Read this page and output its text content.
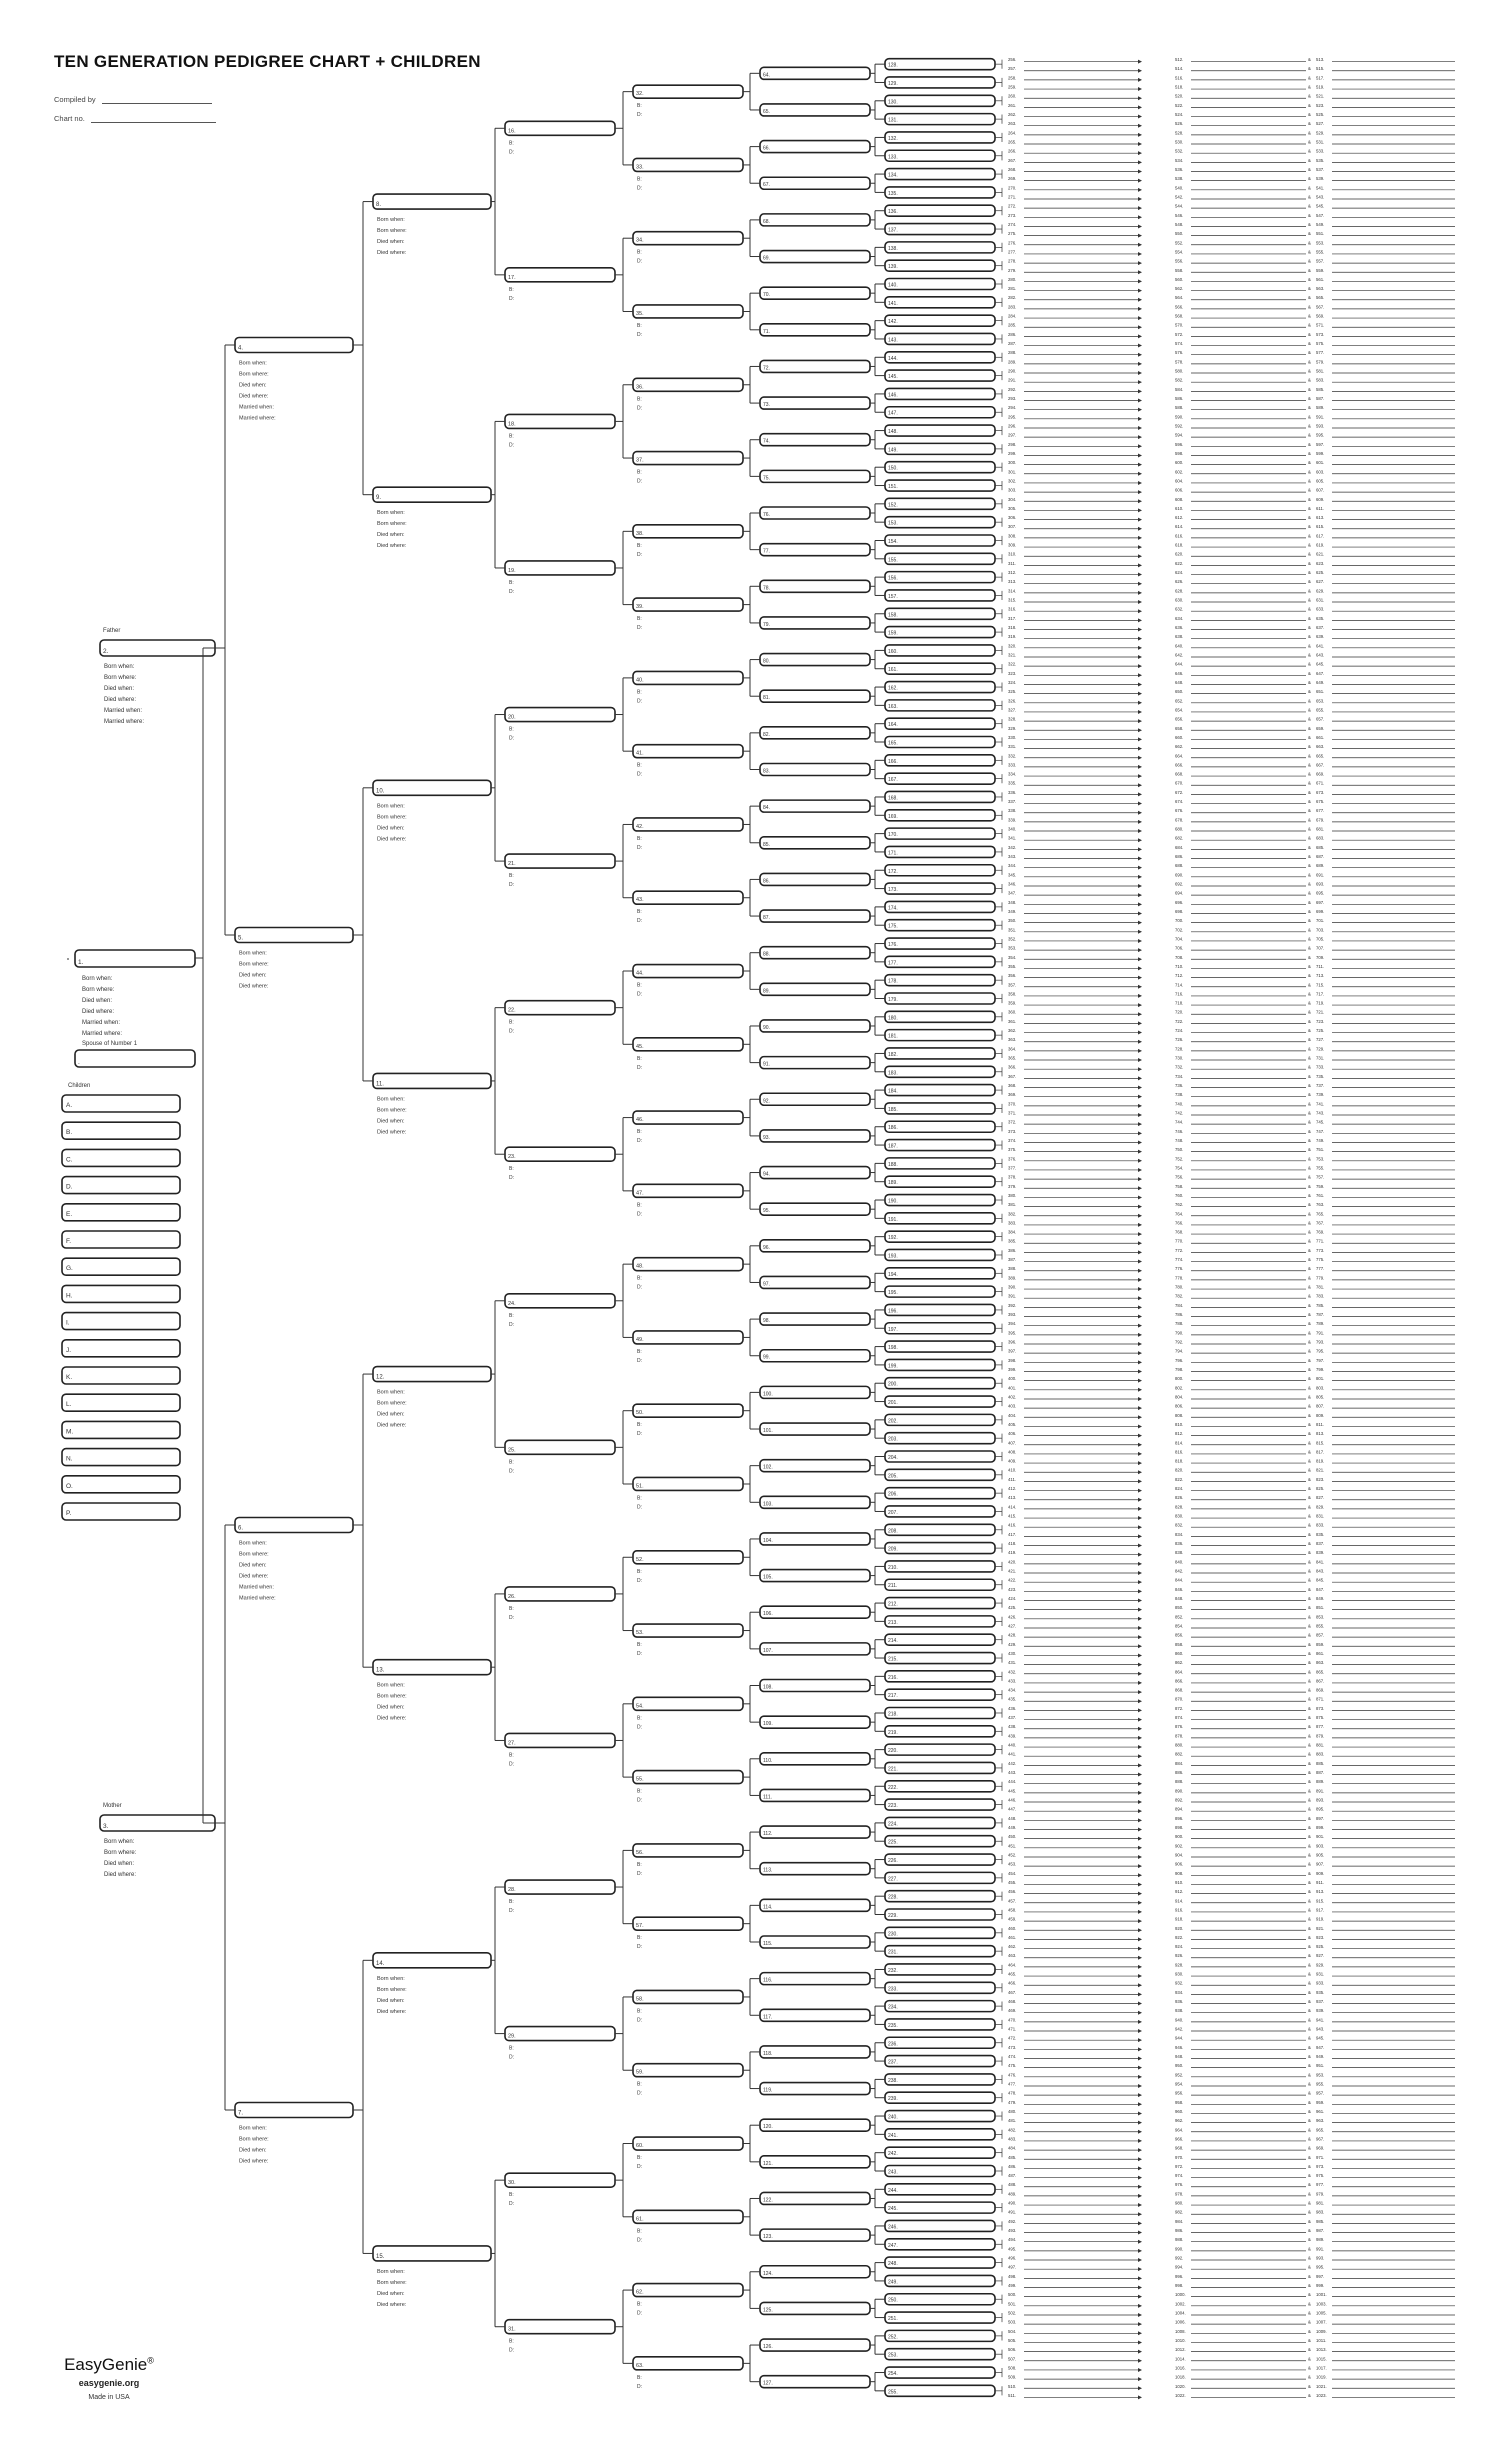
TEN GENERATION PEDIGREE CHART + CHILDREN
Compiled by
Chart no.
1.
Born when:
Born where:
Died when:
Died where:
Married when:
Married where:
Spouse of Number 1
.
Children
A.
B.
C.
D.
E.
F.
G.
H.
I.
J.
K.
L.
M.
N.
O.
P.
Father
2.
Born when:
Born where:
Died when:
Died where:
Married when:
Married where:
Mother
3.
Born when:
Born where:
Died when:
Died where:
4.
Born when:
Born where:
Died when:
Died where:
Married when:
Married where:
5.
Born when:
Born where:
Died when:
Died where:
6.
Born when:
Born where:
Died when:
Died where:
Married when:
Married where:
7.
Born when:
Born where:
Died when:
Died where:
8.
Born when:
Born where:
Died when:
Died where:
9.
Born when:
Born where:
Died when:
Died where:
10.
Born when:
Born where:
Died when:
Died where:
11.
Born when:
Born where:
Died when:
Died where:
12.
Born when:
Born where:
Died when:
Died where:
13.
Born when:
Born where:
Died when:
Died where:
14.
Born when:
Born where:
Died when:
Died where:
15.
Born when:
Born where:
Died when:
Died where:
16.
B:
D:
17.
B:
D:
18.
B:
D:
19.
B:
D:
20.
B:
D:
21.
B:
D:
22.
B:
D:
23.
B:
D:
24.
B:
D:
25.
B:
D:
26.
B:
D:
27.
B:
D:
28.
B:
D:
29.
B:
D:
30.
B:
D:
31.
B:
D:
32.
B:
D:
33.
B:
D:
34.
B:
D:
35.
B:
D:
36.
B:
D:
37.
B:
D:
38.
B:
D:
39.
B:
D:
40.
B:
D:
41.
B:
D:
42.
B:
D:
43.
B:
D:
44.
B:
D:
45.
B:
D:
46.
B:
D:
47.
B:
D:
48.
B:
D:
49.
B:
D:
50.
B:
D:
51.
B:
D:
52.
B:
D:
53.
B:
D:
54.
B:
D:
55.
B:
D:
56.
B:
D:
57.
B:
D:
58.
B:
D:
59.
B:
D:
60.
B:
D:
61.
B:
D:
62.
B:
D:
63.
B:
D:
64.
65.
66.
67.
68.
69.
70.
71.
72.
73.
74.
75.
76.
77.
78.
79.
80.
81.
82.
83.
84.
85.
86.
87.
88.
89.
90.
91.
92.
93.
94.
95.
96.
97.
98.
99.
100.
101.
102.
103.
104.
105.
106.
107.
108.
109.
110.
111.
112.
113.
114.
115.
116.
117.
118.
119.
120.
121.
122.
123.
124.
125.
126.
127.
128.
129.
130.
131.
132.
133.
134.
135.
136.
137.
138.
139.
140.
141.
142.
143.
144.
145.
146.
147.
148.
149.
150.
151.
152.
153.
154.
155.
156.
157.
158.
159.
160.
161.
162.
163.
164.
165.
166.
167.
168.
169.
170.
171.
172.
173.
174.
175.
176.
177.
178.
179.
180.
181.
182.
183.
184.
185.
186.
187.
188.
189.
190.
191.
192.
193.
194.
195.
196.
197.
198.
199.
200.
201.
202.
203.
204.
205.
206.
207.
208.
209.
210.
211.
212.
213.
214.
215.
216.
217.
218.
219.
220.
221.
222.
223.
224.
225.
226.
227.
228.
229.
230.
231.
232.
233.
234.
235.
236.
237.
238.
239.
240.
241.
242.
243.
244.
245.
246.
247.
248.
249.
250.
251.
252.
253.
254.
255.
256.
257.
258.
259.
260.
261.
262.
263.
264.
265.
266.
267.
268.
269.
270.
271.
272.
273.
274.
275.
276.
277.
278.
279.
280.
281.
282.
283.
284.
285.
286.
287.
288.
289.
290.
291.
292.
293.
294.
295.
296.
297.
298.
299.
300.
301.
302.
303.
304.
305.
306.
307.
308.
309.
310.
311.
312.
313.
314.
315.
316.
317.
318.
319.
320.
321.
322.
323.
324.
325.
326.
327.
328.
329.
330.
331.
332.
333.
334.
335.
336.
337.
338.
339.
340.
341.
342.
343.
344.
345.
346.
347.
348.
349.
350.
351.
352.
353.
354.
355.
356.
357.
358.
359.
360.
361.
362.
363.
364.
365.
366.
367.
368.
369.
370.
371.
372.
373.
374.
375.
376.
377.
378.
379.
380.
381.
382.
383.
384.
385.
386.
387.
388.
389.
390.
391.
392.
393.
394.
395.
396.
397.
398.
399.
400.
401.
402.
403.
404.
405.
406.
407.
408.
409.
410.
411.
412.
413.
414.
415.
416.
417.
418.
419.
420.
421.
422.
423.
424.
425.
426.
427.
428.
429.
430.
431.
432.
433.
434.
435.
436.
437.
438.
439.
440.
441.
442.
443.
444.
445.
446.
447.
448.
449.
450.
451.
452.
453.
454.
455.
456.
457.
458.
459.
460.
461.
462.
463.
464.
465.
466.
467.
468.
469.
470.
471.
472.
473.
474.
475.
476.
477.
478.
479.
480.
481.
482.
483.
484.
485.
486.
487.
488.
489.
490.
491.
492.
493.
494.
495.
496.
497.
498.
499.
500.
501.
502.
503.
504.
505.
506.
507.
508.
509.
510.
511.
512.	& 513.
514.	& 515.
516.	& 517.
518.	& 519.
520.	& 521.
522.	& 523.
524.	& 525.
526.	& 527.
528.	& 529.
530.	& 531.
532.	& 533.
534.	& 535.
536.	& 537.
538.	& 539.
540.	& 541.
542.	& 543.
544.	& 545.
546.	& 547.
548.	& 549.
550.	& 551.
552.	& 553.
554.	& 555.
556.	& 557.
558.	& 559.
560.	& 561.
562.	& 563.
564.	& 565.
566.	& 567.
568.	& 569.
570.	& 571.
572.	& 573.
574.	& 575.
576.	& 577.
578.	& 579.
580.	& 581.
582.	& 583.
584.	& 585.
586.	& 587.
588.	& 589.
590.	& 591.
592.	& 593.
594.	& 595.
596.	& 597.
598.	& 599.
600.	& 601.
602.	& 603.
604.	& 605.
606.	& 607.
608.	& 609.
610.	& 611.
612.	& 613.
614.	& 615.
616.	& 617.
618.	& 619.
620.	& 621.
622.	& 623.
624.	& 625.
626.	& 627.
628.	& 629.
630.	& 631.
632.	& 633.
634.	& 635.
636.	& 637.
638.	& 639.
640.	& 641.
642.	& 643.
644.	& 645.
646.	& 647.
648.	& 649.
650.	& 651.
652.	& 653.
654.	& 655.
656.	& 657.
658.	& 659.
660.	& 661.
662.	& 663.
664.	& 665.
666.	& 667.
668.	& 669.
670.	& 671.
672.	& 673.
674.	& 675.
676.	& 677.
678.	& 679.
680.	& 681.
682.	& 683.
684.	& 685.
686.	& 687.
688.	& 689.
690.	& 691.
692.	& 693.
694.	& 695.
696.	& 697.
698.	& 699.
700.	& 701.
702.	& 703.
704.	& 705.
706.	& 707.
708.	& 709.
710.	& 711.
712.	& 713.
714.	& 715.
716.	& 717.
718.	& 719.
720.	& 721.
722.	& 723.
724.	& 725.
726.	& 727.
728.	& 729.
730.	& 731.
732.	& 733.
734.	& 735.
736.	& 737.
738.	& 739.
740.	& 741.
742.	& 743.
744.	& 745.
746.	& 747.
748.	& 749.
750.	& 751.
752.	& 753.
754.	& 755.
756.	& 757.
758.	& 759.
760.	& 761.
762.	& 763.
764.	& 765.
766.	& 767.
768.	& 769.
770.	& 771.
772.	& 773.
774.	& 775.
776.	& 777.
778.	& 779.
780.	& 781.
782.	& 783.
784.	& 785.
786.	& 787.
788.	& 789.
790.	& 791.
792.	& 793.
794.	& 795.
796.	& 797.
798.	& 799.
800.	& 801.
802.	& 803.
804.	& 805.
806.	& 807.
808.	& 809.
810.	& 811.
812.	& 813.
814.	& 815.
816.	& 817.
818.	& 819.
820.	& 821.
822.	& 823.
824.	& 825.
826.	& 827.
828.	& 829.
830.	& 831.
832.	& 833.
834.	& 835.
836.	& 837.
838.	& 839.
840.	& 841.
842.	& 843.
844.	& 845.
846.	& 847.
848.	& 849.
850.	& 851.
852.	& 853.
854.	& 855.
856.	& 857.
858.	& 859.
860.	& 861.
862.	& 863.
864.	& 865.
866.	& 867.
868.	& 869.
870.	& 871.
872.	& 873.
874.	& 875.
876.	& 877.
878.	& 879.
880.	& 881.
882.	& 883.
884.	& 885.
886.	& 887.
888.	& 889.
890.	& 891.
892.	& 893.
894.	& 895.
896.	& 897.
898.	& 899.
900.	& 901.
902.	& 903.
904.	& 905.
906.	& 907.
908.	& 909.
910.	& 911.
912.	& 913.
914.	& 915.
916.	& 917.
918.	& 919.
920.	& 921.
922.	& 923.
924.	& 925.
926.	& 927.
928.	& 929.
930.	& 931.
932.	& 933.
934.	& 935.
936.	& 937.
938.	& 939.
940.	& 941.
942.	& 943.
944.	& 945.
946.	& 947.
948.	& 949.
950.	& 951.
952.	& 953.
954.	& 955.
956.	& 957.
958.	& 959.
960.	& 961.
962.	& 963.
964.	& 965.
966.	& 967.
968.	& 969.
970.	& 971.
972.	& 973.
974.	& 975.
976.	& 977.
978.	& 979.
980.	& 981.
982.	& 983.
984.	& 985.
986.	& 987.
988.	& 989.
990.	& 991.
992.	& 993.
994.	& 995.
996.	& 997.
998.	& 999.
1000.	& 1001.
1002.	& 1003.
1004.	& 1005.
1006.	& 1007.
1008.	& 1009.
1010.	& 1011.
1012.	& 1013.
1014.	& 1015.
1016.	& 1017.
1018.	& 1019.
1020.	& 1021.
1022.	& 1023.
EasyGenie®
easygenie.org
Made in USA
